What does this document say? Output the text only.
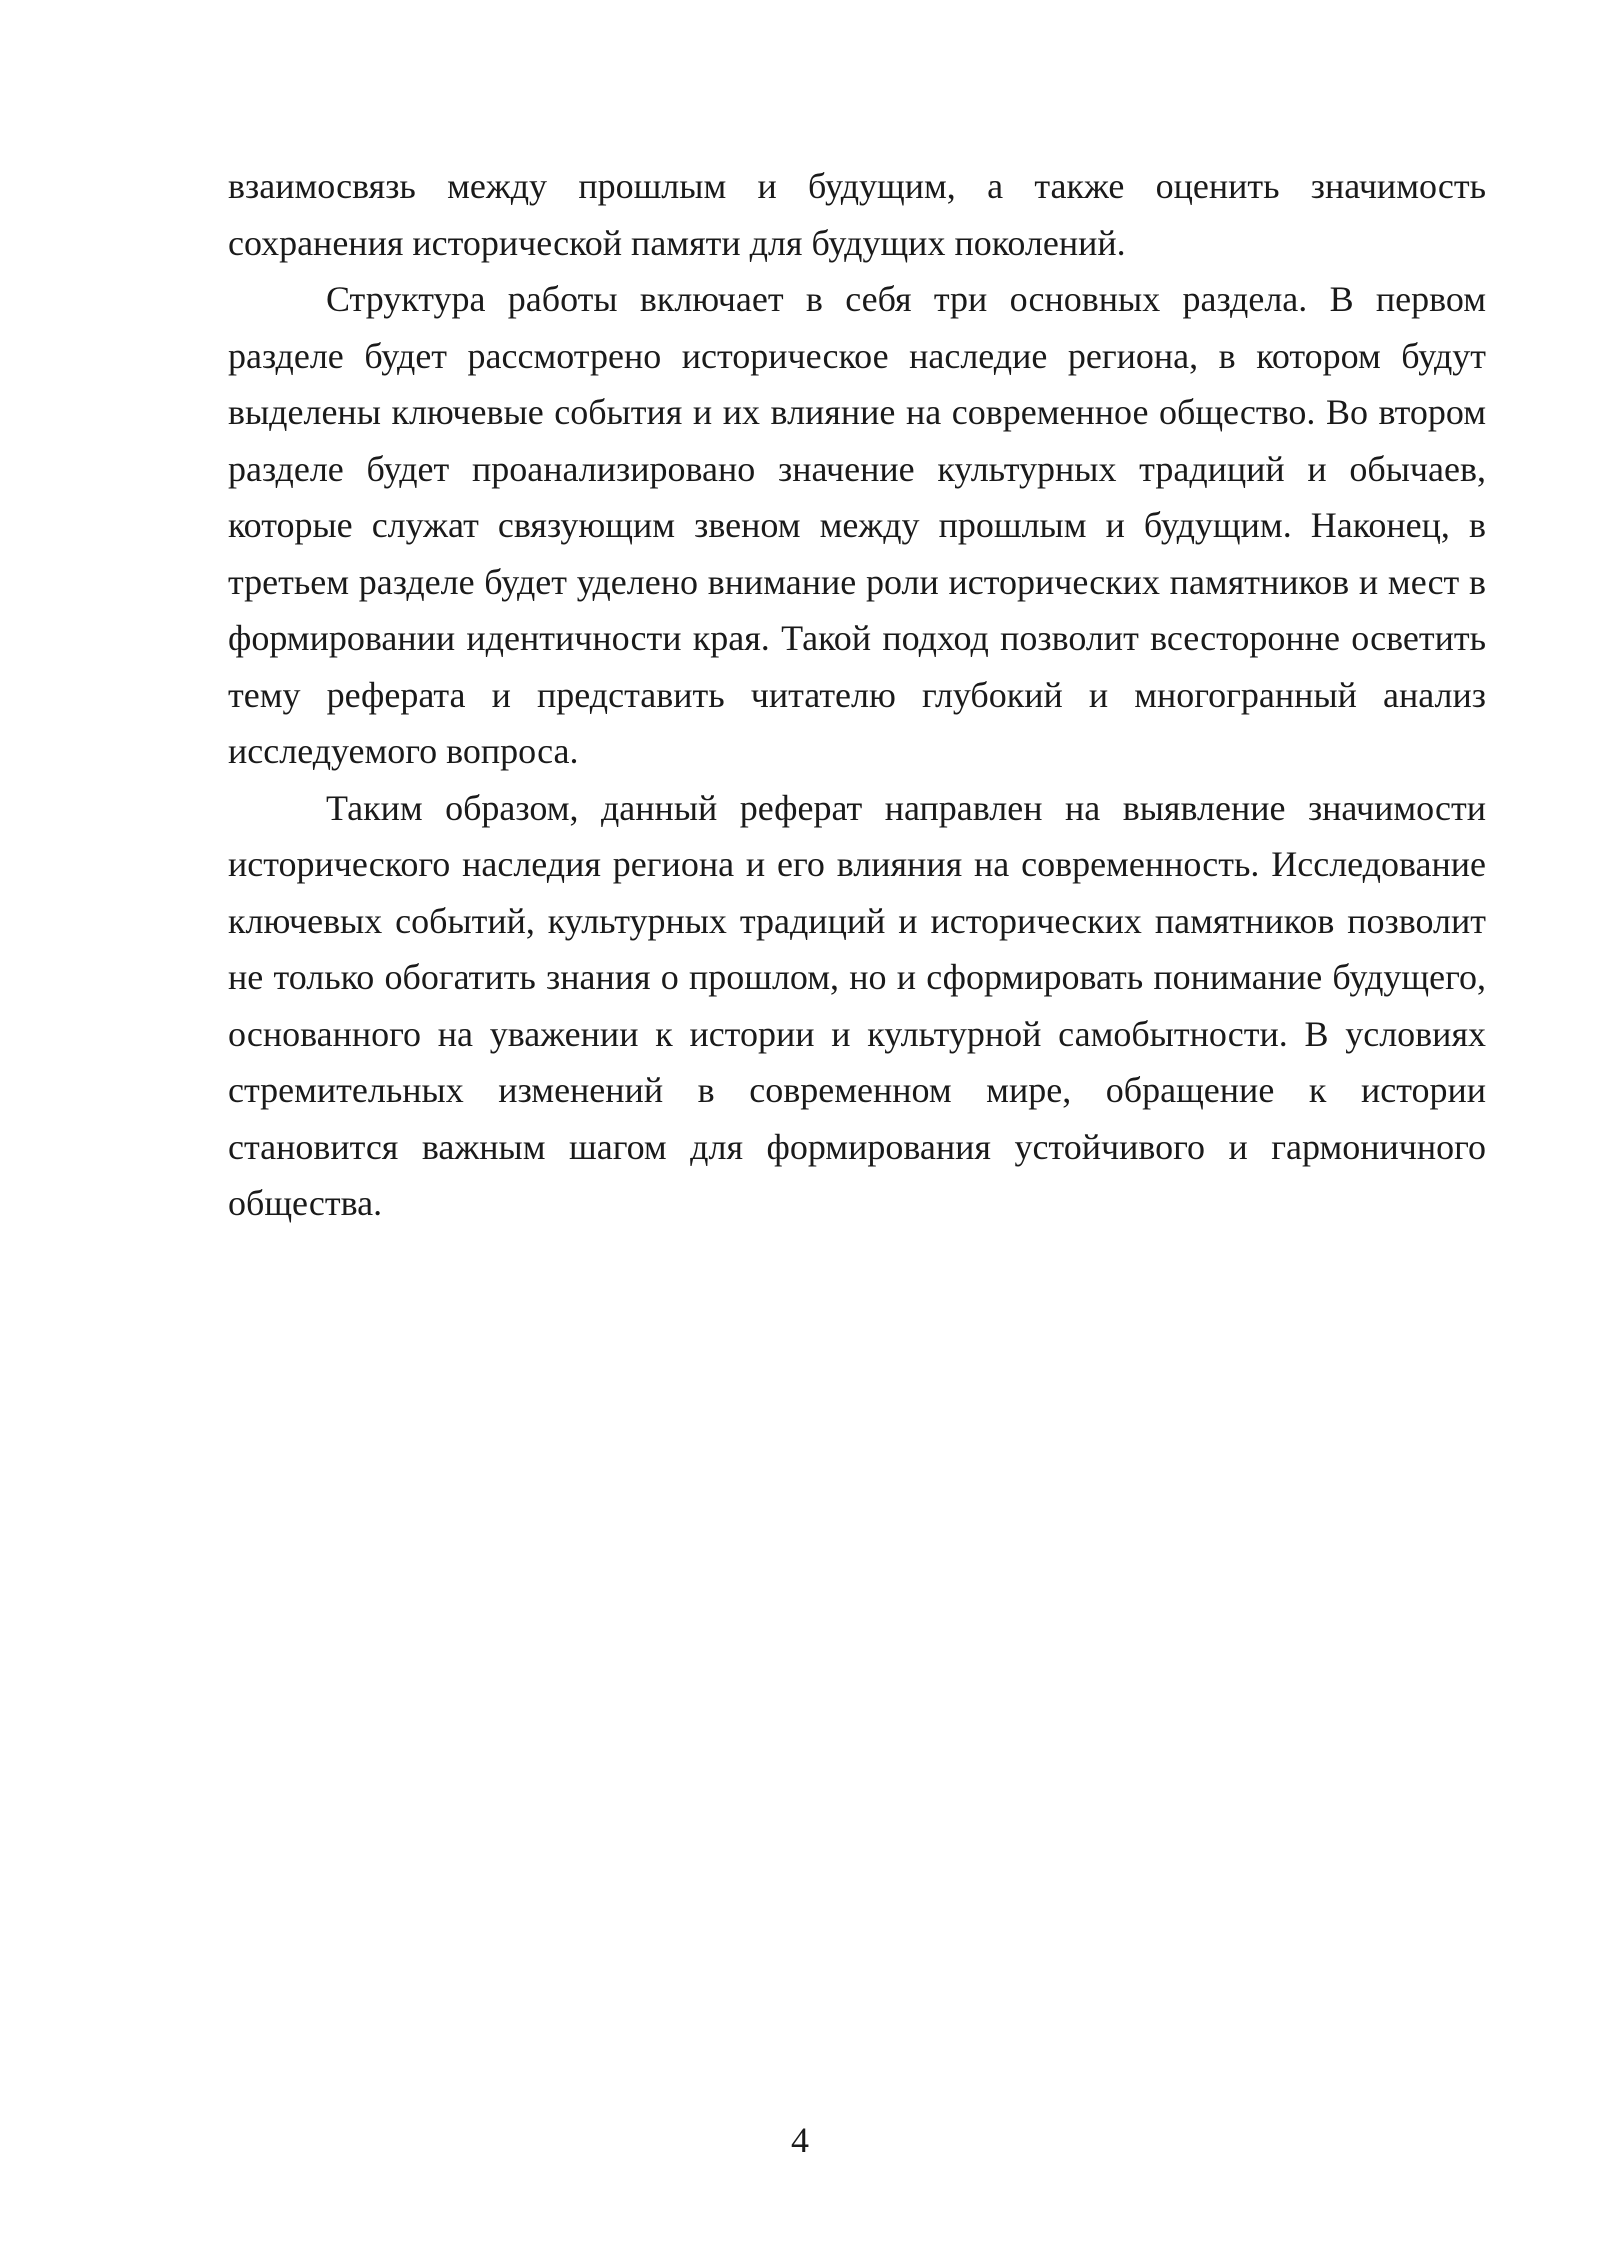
взаимосвязь между прошлым и будущим, а также оценить значимость сохранения исторической памяти для будущих поколений.

Структура работы включает в себя три основных раздела. В первом разделе будет рассмотрено историческое наследие региона, в котором будут выделены ключевые события и их влияние на современное общество. Во втором разделе будет проанализировано значение культурных традиций и обычаев, которые служат связующим звеном между прошлым и будущим. Наконец, в третьем разделе будет уделено внимание роли исторических памятников и мест в формировании идентичности края. Такой подход позволит всесторонне осветить тему реферата и представить читателю глубокий и многогранный анализ исследуемого вопроса.

Таким образом, данный реферат направлен на выявление значимости исторического наследия региона и его влияния на современность. Исследование ключевых событий, культурных традиций и исторических памятников позволит не только обогатить знания о прошлом, но и сформировать понимание будущего, основанного на уважении к истории и культурной самобытности. В условиях стремительных изменений в современном мире, обращение к истории становится важным шагом для формирования устойчивого и гармоничного общества.

4
